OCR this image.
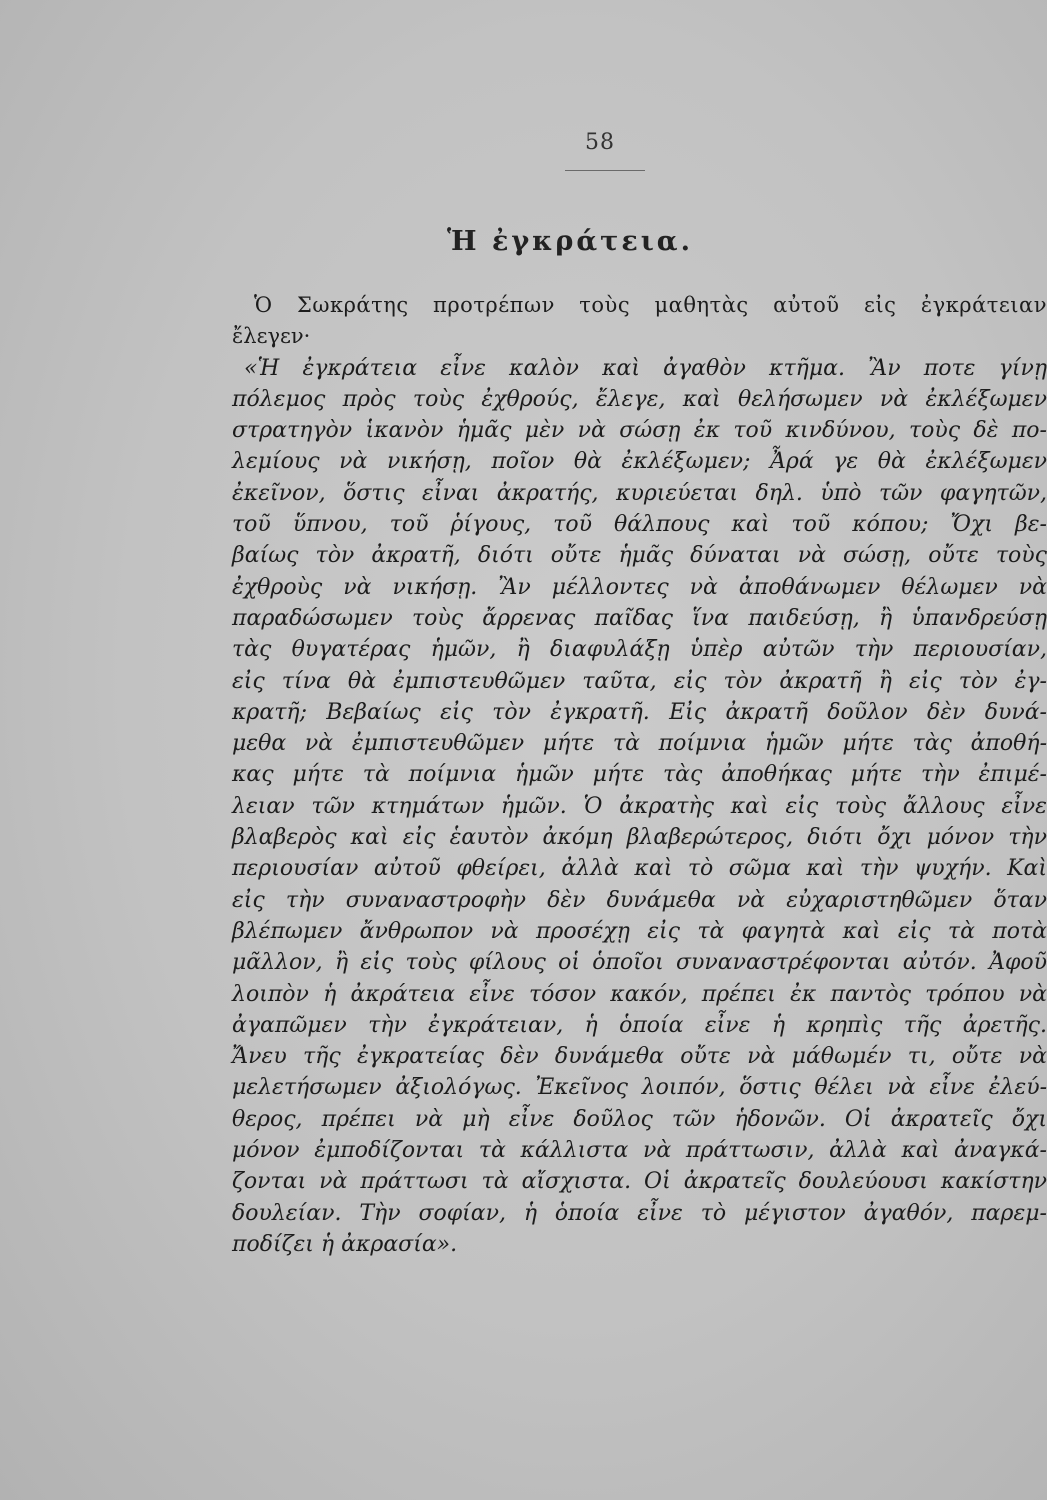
58
Ἡ ἐγκράτεια.
Ὁ Σωκράτης προτρέπων τοὺς μαθητὰς αὐτοῦ εἰς ἐγκράτειαν
ἔλεγεν·
«Ἡ ἐγκράτεια εἶνε καλὸν καὶ ἀγαθὸν κτῆμα. Ἂν ποτε γίνῃ
πόλεμος πρὸς τοὺς ἐχθρούς, ἔλεγε, καὶ θελήσωμεν νὰ ἐκλέξωμεν
στρατηγὸν ἱκανὸν ἡμᾶς μὲν νὰ σώσῃ ἐκ τοῦ κινδύνου, τοὺς δὲ πο-
λεμίους νὰ νικήσῃ, ποῖον θὰ ἐκλέξωμεν; Ἆρά γε θὰ ἐκλέξωμεν
ἐκεῖνον, ὅστις εἶναι ἀκρατής, κυριεύεται δηλ. ὑπὸ τῶν φαγητῶν,
τοῦ ὕπνου, τοῦ ῥίγους, τοῦ θάλπους καὶ τοῦ κόπου; Ὄχι βε-
βαίως τὸν ἀκρατῆ, διότι οὔτε ἡμᾶς δύναται νὰ σώσῃ, οὔτε τοὺς
ἐχθροὺς νὰ νικήσῃ. Ἂν μέλλοντες νὰ ἀποθάνωμεν θέλωμεν νὰ
παραδώσωμεν τοὺς ἄρρενας παῖδας ἵνα παιδεύσῃ, ἢ ὑπανδρεύσῃ
τὰς θυγατέρας ἡμῶν, ἢ διαφυλάξῃ ὑπὲρ αὐτῶν τὴν περιουσίαν,
εἰς τίνα θὰ ἐμπιστευθῶμεν ταῦτα, εἰς τὸν ἀκρατῆ ἢ εἰς τὸν ἐγ-
κρατῆ; Βεβαίως εἰς τὸν ἐγκρατῆ. Εἰς ἀκρατῆ δοῦλον δὲν δυνά-
μεθα νὰ ἐμπιστευθῶμεν μήτε τὰ ποίμνια ἡμῶν μήτε τὰς ἀποθή-
κας μήτε τὰ ποίμνια ἡμῶν μήτε τὰς ἀποθήκας μήτε τὴν ἐπιμέ-
λειαν τῶν κτημάτων ἡμῶν. Ὁ ἀκρατὴς καὶ εἰς τοὺς ἄλλους εἶνε
βλαβερὸς καὶ εἰς ἑαυτὸν ἀκόμη βλαβερώτερος, διότι ὄχι μόνον τὴν
περιουσίαν αὐτοῦ φθείρει, ἀλλὰ καὶ τὸ σῶμα καὶ τὴν ψυχήν. Καὶ
εἰς τὴν συναναστροφὴν δὲν δυνάμεθα νὰ εὐχαριστηθῶμεν ὅταν
βλέπωμεν ἄνθρωπον νὰ προσέχῃ εἰς τὰ φαγητὰ καὶ εἰς τὰ ποτὰ
μᾶλλον, ἢ εἰς τοὺς φίλους οἱ ὁποῖοι συναναστρέφονται αὐτόν. Ἀφοῦ
λοιπὸν ἡ ἀκράτεια εἶνε τόσον κακόν, πρέπει ἐκ παντὸς τρόπου νὰ
ἀγαπῶμεν τὴν ἐγκράτειαν, ἡ ὁποία εἶνε ἡ κρηπὶς τῆς ἀρετῆς.
Ἄνευ τῆς ἐγκρατείας δὲν δυνάμεθα οὔτε νὰ μάθωμέν τι, οὔτε νὰ
μελετήσωμεν ἀξιολόγως. Ἐκεῖνος λοιπόν, ὅστις θέλει νὰ εἶνε ἐλεύ-
θερος, πρέπει νὰ μὴ εἶνε δοῦλος τῶν ἡδονῶν. Οἱ ἀκρατεῖς ὄχι
μόνον ἐμποδίζονται τὰ κάλλιστα νὰ πράττωσιν, ἀλλὰ καὶ ἀναγκά-
ζονται νὰ πράττωσι τὰ αἴσχιστα. Οἱ ἀκρατεῖς δουλεύουσι κακίστην
δουλείαν. Τὴν σοφίαν, ἡ ὁποία εἶνε τὸ μέγιστον ἀγαθόν, παρεμ-
ποδίζει ἡ ἀκρασία».
